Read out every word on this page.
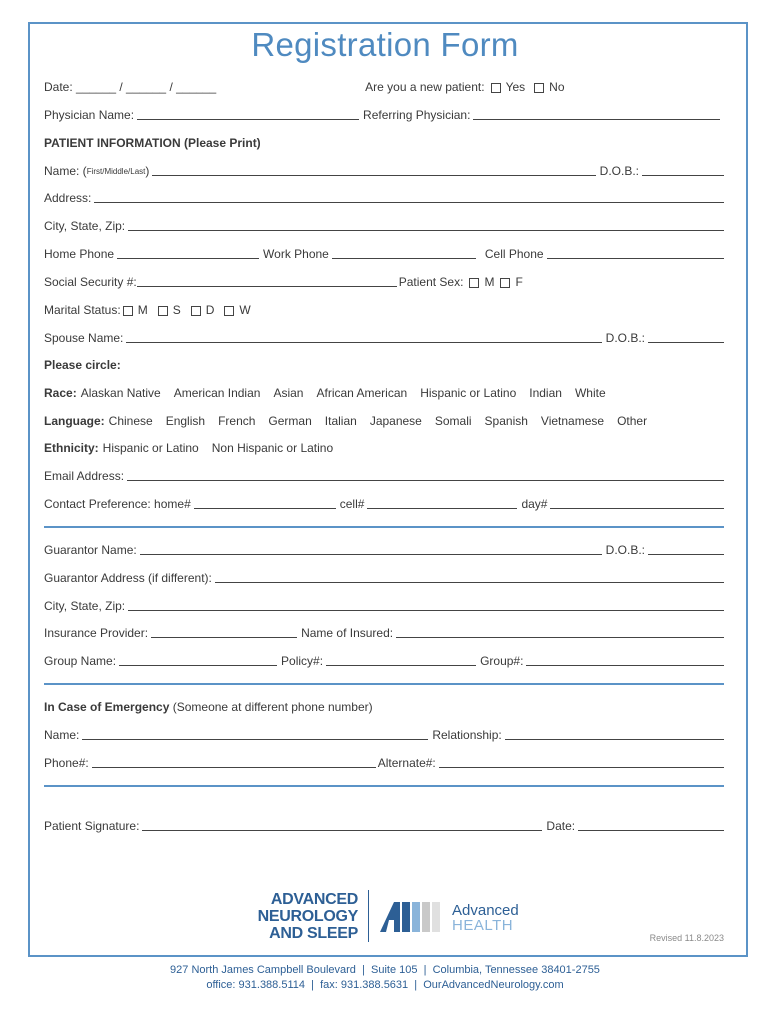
Registration Form
Date: ______ / ______ / ______	Are you a new patient: Yes No
Physician Name:	Referring Physician:
PATIENT INFORMATION (Please Print)
Name: ( First/Middle/Last )	D.O.B.:
Address:
City, State, Zip:
Home Phone	Work Phone	Cell Phone
Social Security #:	Patient Sex: M F
Marital Status: M S D W
Spouse Name:	D.O.B.:
Please circle:
Race: Alaskan Native American Indian Asian African American Hispanic or Latino Indian White
Language: Chinese English French German Italian Japanese Somali Spanish Vietnamese Other
Ethnicity: Hispanic or Latino Non Hispanic or Latino
Email Address:
Contact Preference: home#	cell#	day#
Guarantor Name:	D.O.B.:
Guarantor Address (if different):
City, State, Zip:
Insurance Provider:	Name of Insured:
Group Name:	Policy#:	Group#:
In Case of Emergency (Someone at different phone number)
Name:	Relationship:
Phone#:	Alternate#:
Patient Signature:	Date:
ADVANCED
NEUROLOGY
AND SLEEP
Advanced
HEALTH
Revised 11.8.2023
927 North James Campbell Boulevard  |  Suite 105  |  Columbia, Tennessee 38401-2755
office: 931.388.5114  |  fax: 931.388.5631  |  OurAdvancedNeurology.com
